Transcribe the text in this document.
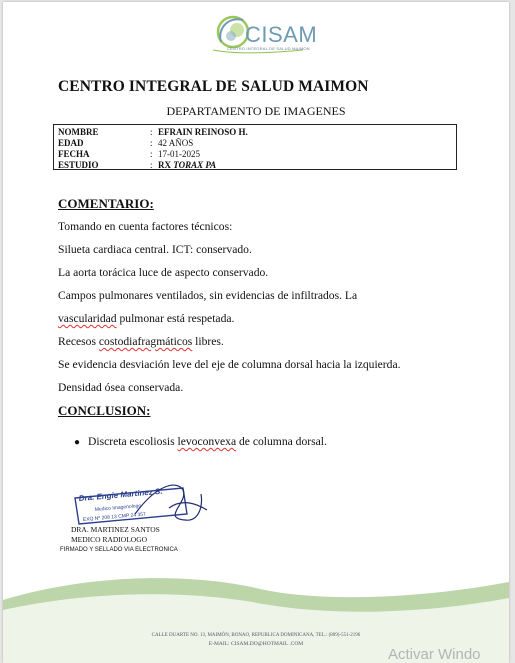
CISAM
CENTRO INTEGRAL DE SALUD MAIMON
CENTRO INTEGRAL DE SALUD MAIMON
DEPARTAMENTO DE IMAGENES
NOMBRE	: EFRAIN REINOSO H.
EDAD	: 42 AÑOS
FECHA	: 17-01-2025
ESTUDIO	: RX TORAX PA
COMENTARIO:
Tomando en cuenta factores técnicos:
Silueta cardiaca central. ICT: conservado.
La aorta torácica luce de aspecto conservado.
Campos pulmonares ventilados, sin evidencias de infiltrados. La
vascularidad pulmonar está respetada.
Recesos costodiafragmáticos libres.
Se evidencia desviación leve del eje de columna dorsal hacia la izquierda.
Densidad ósea conservada.
CONCLUSION:
● Discreta escoliosis levoconvexa de columna dorsal.
Dra. Engie Martinez S.
Medico Imagenologo
EXQ Nº 208 13 CMP 24 357
DRA. MARTINEZ SANTOS
MEDICO RADIOLOGO
FIRMADO Y SELLADO VIA ELECTRONICA
CALLE DUARTE NO. 13, MAIMÓN, BONAO, REPUBLICA DOMINICANA, TEL.: (809)-551-2196
E-MAIL: CISAM.DO@HOTMAIL .COM
Activar Windo
